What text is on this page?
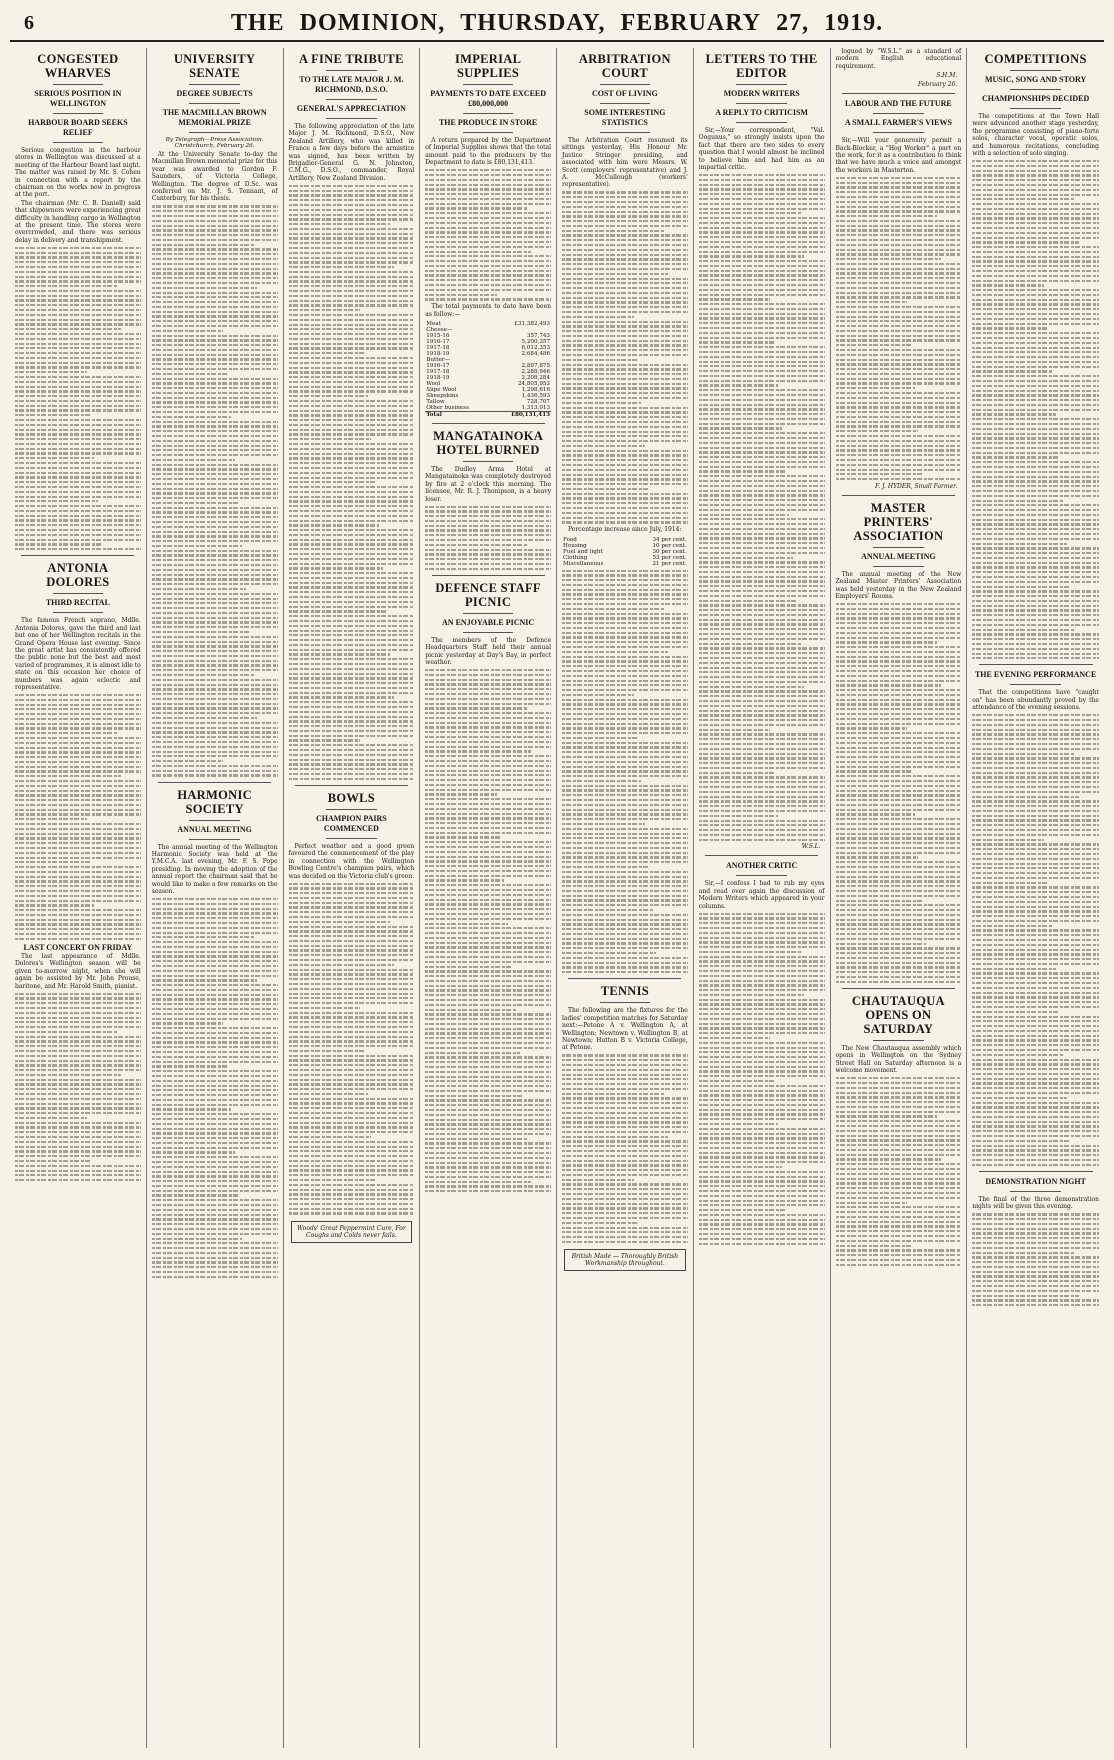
6	THE DOMINION, THURSDAY, FEBRUARY 27, 1919.
CONGESTED WHARVES
SERIOUS POSITION IN WELLINGTON
HARBOUR BOARD SEEKS RELIEF

Serious congestion in the harbour stores in Wellington was discussed at a meeting of the Harbour Board last night. The matter was raised by Mr. S. Cohen in connection with a report by the chairman on the works now in progress at the port.

The chairman (Mr. C. B. Daniell) said that shipowners were experiencing great difficulty in handling cargo in Wellington at the present time. The stores were overcrowded, and there was serious delay in delivery and transhipment.

ANTONIA DOLORES
THIRD RECITAL

The famous French soprano, Mdlle. Antonia Dolores, gave the third and last but one of her Wellington recitals in the Grand Opera House last evening. Since the great artist has consistently offered the public none but the best and most varied of programmes, it is almost idle to state on this occasion her choice of numbers was again eclectic and representative.

LAST CONCERT ON FRIDAY

The last appearance of Mdlle. Dolores's Wellington season will be given to-morrow night, when she will again be assisted by Mr. John Prouse, baritone, and Mr. Harold Smith, pianist.

UNIVERSITY SENATE
DEGREE SUBJECTS
THE MACMILLAN BROWN MEMORIAL PRIZE
By Telegraph—Press Association. Christchurch, February 26.

At the University Senate to-day the Macmillan Brown memorial prize for this year was awarded to Gordon F. Saunders, of Victoria College, Wellington. The degree of D.Sc. was conferred on Mr. J. S. Tennant, of Canterbury, for his thesis.

HARMONIC SOCIETY
ANNUAL MEETING

The annual meeting of the Wellington Harmonic Society was held at the Y.M.C.A. last evening, Mr. F. S. Pope presiding. In moving the adoption of the annual report the chairman said that he would like to make a few remarks on the season.

A FINE TRIBUTE
TO THE LATE MAJOR J. M. RICHMOND, D.S.O.
GENERAL'S APPRECIATION

The following appreciation of the late Major J. M. Richmond, D.S.O., New Zealand Artillery, who was killed in France a few days before the armistice was signed, has been written by Brigadier-General G. N. Johnston, C.M.G., D.S.O., commander, Royal Artillery, New Zealand Division.

BOWLS
CHAMPION PAIRS COMMENCED

Perfect weather and a good green favoured the commencement of the play in connection with the Wellington Bowling Centre's champion pairs, which was decided on the Victoria club's green.

Woods' Great Peppermint Cure, For Coughs and Colds never fails.
IMPERIAL SUPPLIES
PAYMENTS TO DATE EXCEED £80,000,000
THE PRODUCE IN STORE

A return prepared by the Department of Imperial Supplies shows that the total amount paid to the producers by the Department to date is £80,131,413.

The total payments to date have been as follow:—

Meat	£31,382,493
Cheese—	
1915-16	357,743
1916-17	5,200,357
1917-18	6,012,353
1918-19	2,684,486
Butter—	
1916-17	2,897,875
1917-18	2,288,946
1918-19	2,208,284
Wool	24,805,953
Slipe Wool	1,298,616
Sheepskins	1,436,593
Tallow	728,707
Other business	1,313,013
Total	£80,131,413
MANGATAINOKA HOTEL BURNED

The Dudley Arms Hotel at Mangatainoka was completely destroyed by fire at 2 o'clock this morning. The licensee, Mr. R. J. Thompson, is a heavy loser.

DEFENCE STAFF PICNIC
AN ENJOYABLE PICNIC

The members of the Defence Headquarters Staff held their annual picnic yesterday at Day's Bay, in perfect weather.

ARBITRATION COURT
COST OF LIVING
SOME INTERESTING STATISTICS

The Arbitration Court resumed its sittings yesterday, His Honour Mr. Justice Stringer presiding, and associated with him were Messrs. W. Scott (employers' representative) and J. A. McCullough (workers' representative).

Percentage increase since July, 1914:

Food	34 per cent.
Housing	10 per cent.
Fuel and light	30 per cent.
Clothing	53 per cent.
Miscellaneous	21 per cent.
TENNIS

The following are the fixtures for the ladies' competition matches for Saturday next:—Petone A v. Wellington A, at Wellington; Newtown v. Wellington B, at Newtown; Hutton B v. Victoria College, at Petone.

British Made — Thoroughly British Workmanship throughout.
LETTERS TO THE EDITOR
MODERN WRITERS
A REPLY TO CRITICISM

Sir,—Your correspondent, "Val. Oogunus," so strongly insists upon the fact that there are two sides to every question that I would almost be inclined to believe him and had him as an impartial critic.

W.S.L.
ANOTHER CRITIC

Sir,—I confess I had to rub my eyes and read over again the discussion of Modern Writers which appeared in your columns.

logued by "W.S.L." as a standard of modern English educational requirement.

S.H.M.
February 26.
LABOUR AND THE FUTURE
A SMALL FARMER'S VIEWS

Sir,—Will your generosity permit a Back-Blocker, a "Hog Worker" a part on the work, for it as a contribution to think that we have much a voice and amongst the workers in Masterton.

F. J. HYDER, Small Farmer.
MASTER PRINTERS' ASSOCIATION
ANNUAL MEETING

The annual meeting of the New Zealand Master Printers' Association was held yesterday in the New Zealand Employers' Rooms.

CHAUTAUQUA OPENS ON SATURDAY

The New Chautauqua assembly which opens in Wellington on the Sydney Street Hall on Saturday afternoon is a welcome movement.

COMPETITIONS
MUSIC, SONG AND STORY
CHAMPIONSHIPS DECIDED

The competitions at the Town Hall were advanced another stage yesterday, the programme consisting of piano-forte solos, character vocal, operatic solos, and humorous recitations, concluding with a selection of solo singing.

THE EVENING PERFORMANCE

That the competitions have "caught on" has been abundantly proved by the attendance of the evening sessions.

DEMONSTRATION NIGHT

The final of the three demonstration nights will be given this evening.
